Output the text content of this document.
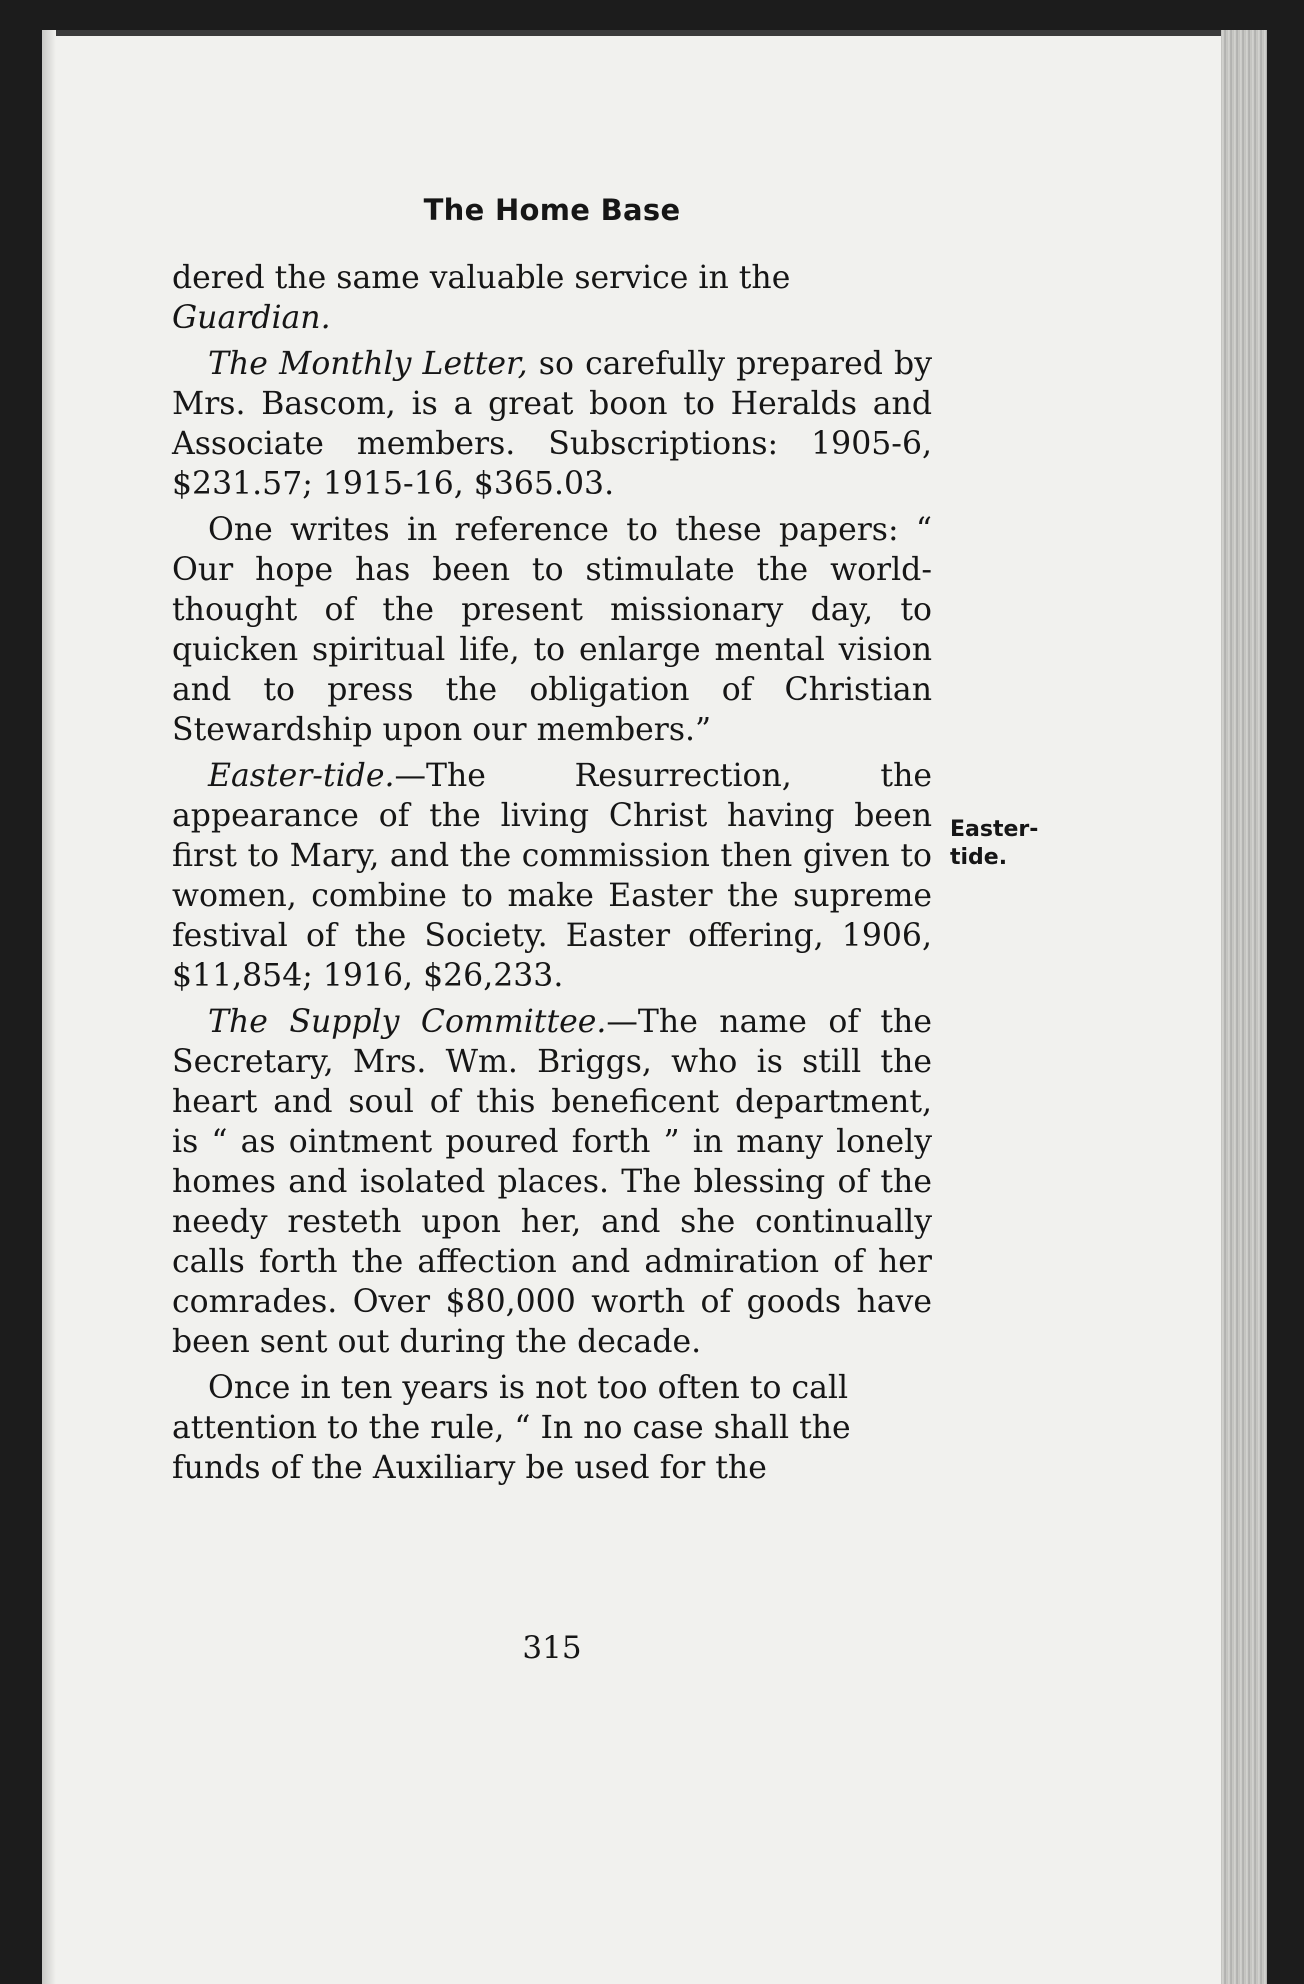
The Home Base

dered the same valuable service in the Guardian.

The Monthly Letter, so carefully prepared by Mrs. Bascom, is a great boon to Heralds and Associate members. Subscriptions: 1905-6, $231.57; 1915-16, $365.03.

One writes in reference to these papers: “ Our hope has been to stimulate the world-thought of the present missionary day, to quicken spiritual life, to enlarge mental vision and to press the obligation of Christian Stewardship upon our members.”

Easter-tide.—The Resurrection, the appearance of the living Christ having been first to Mary, and the commission then given to women, combine to make Easter the supreme festival of the Society. Easter offering, 1906, $11,854; 1916, $26,233.

The Supply Committee.—The name of the Secretary, Mrs. Wm. Briggs, who is still the heart and soul of this beneficent department, is “ as ointment poured forth ” in many lonely homes and isolated places. The blessing of the needy resteth upon her, and she continually calls forth the affection and admiration of her comrades. Over $80,000 worth of goods have been sent out during the decade.

Once in ten years is not too often to call attention to the rule, “ In no case shall the funds of the Auxiliary be used for the

Easter-
tide.
315
